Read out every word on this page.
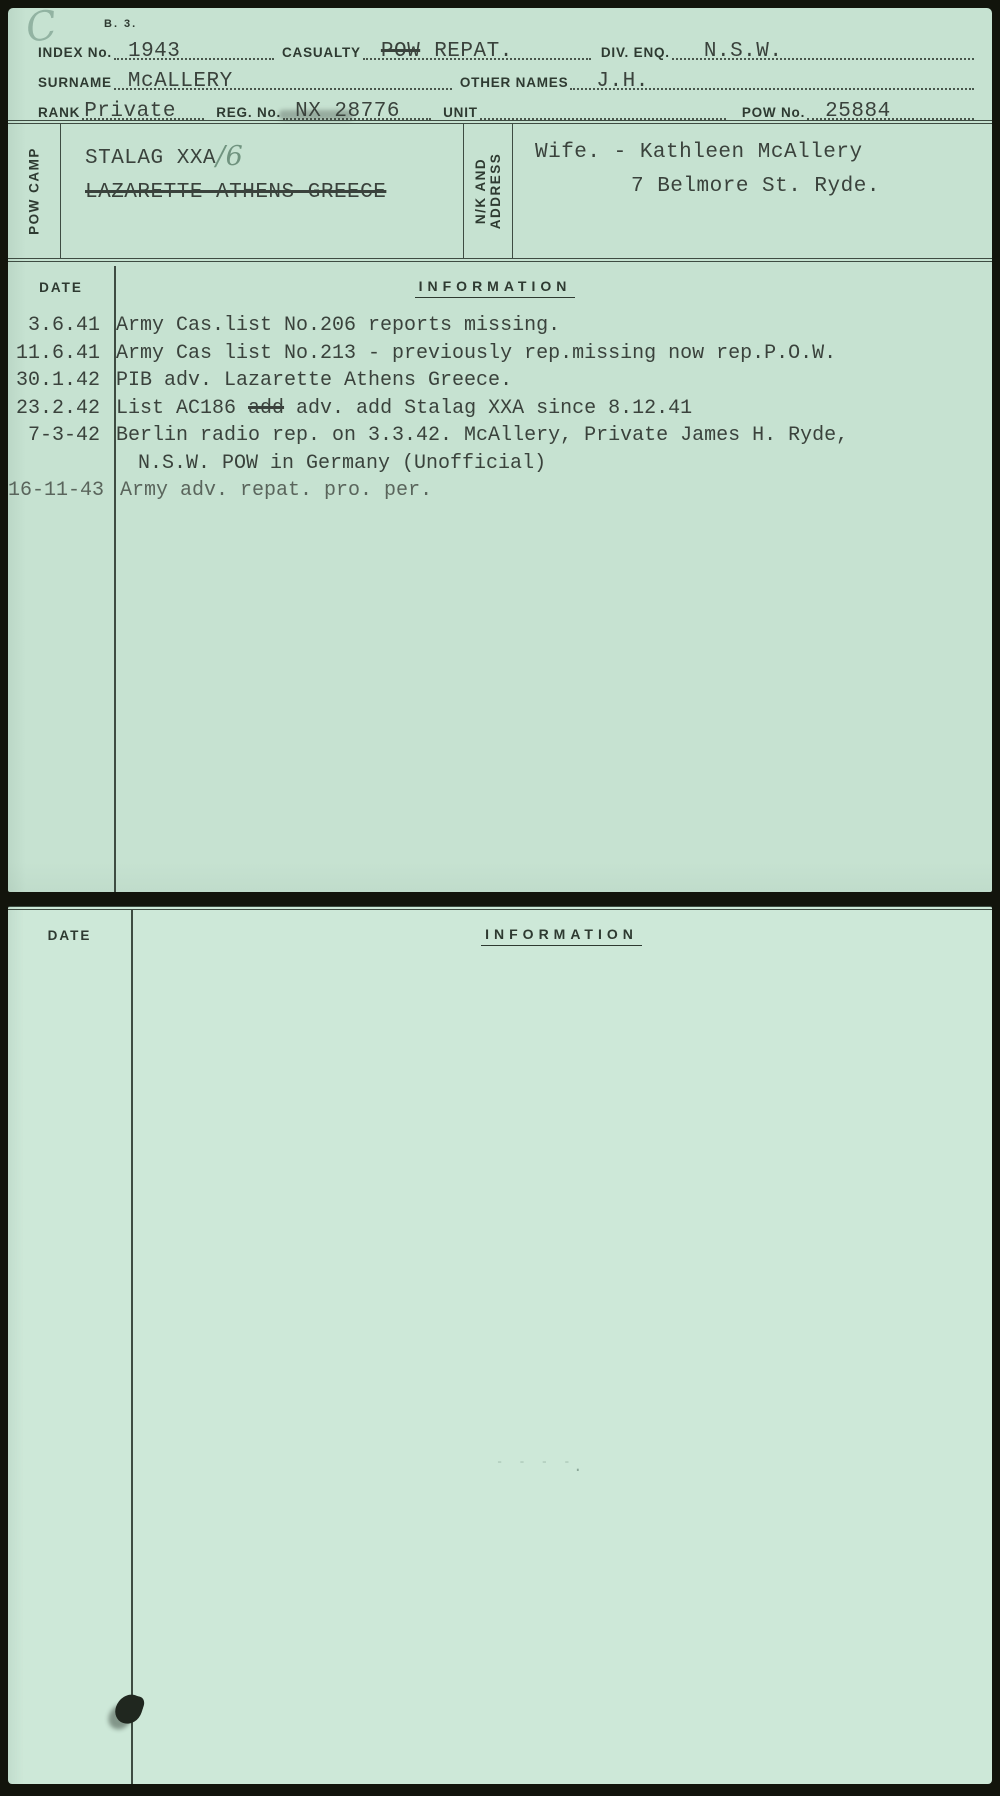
C	B. 3.
INDEX No. 1943	CASUALTY POW REPAT.	DIV. ENQ. N.S.W.
SURNAME McALLERY	OTHER NAMES J.H.
RANK Private	REG. No. NX 28776	UNIT	POW No. 25884
POW CAMP STALAG XXA/6
LAZARETTE-ATHENS-GREECE	N/K AND
ADDRESS
Wife. - Kathleen McAllery
7 Belmore St. Ryde.
DATE	INFORMATION
3.6.41 Army Cas.list No.206 reports missing.
11.6.41 Army Cas list No.213 - previously rep.missing now rep.P.O.W.
30.1.42 PIB adv. Lazarette Athens Greece.
23.2.42 List AC186 add adv. add Stalag XXA since 8.12.41
7-3-42 Berlin radio rep. on 3.3.42. McAllery, Private James H. Ryde,
N.S.W. POW in Germany (Unofficial)
16-11-43 Army adv. repat. pro. per.
DATE	INFORMATION
- - - -
.
